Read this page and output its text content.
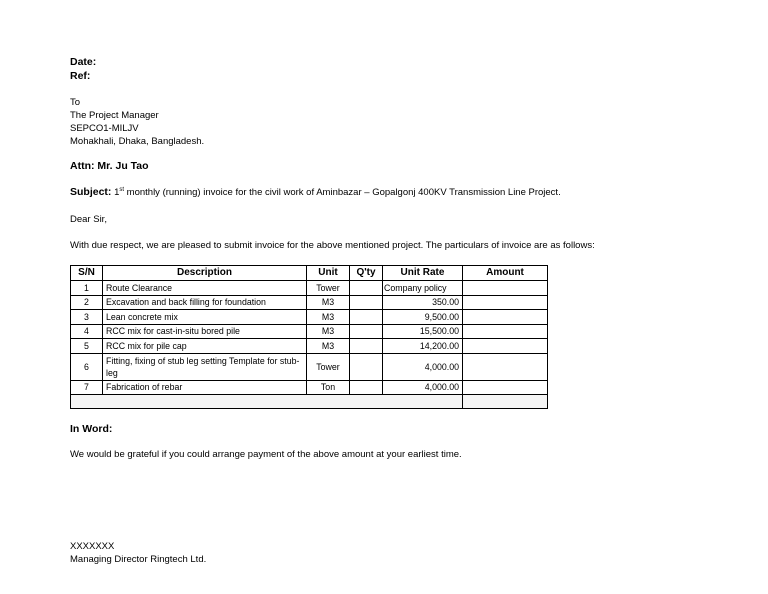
Date:
Ref:
To
The Project Manager
SEPCO1-MILJV
Mohakhali, Dhaka, Bangladesh.
Attn: Mr. Ju Tao
Subject: 1st monthly (running) invoice for the civil work of Aminbazar – Gopalgonj 400KV Transmission Line Project.
Dear Sir,
With due respect, we are pleased to submit invoice for the above mentioned project. The particulars of invoice are as follows:
S/N	Description	Unit	Q'ty	Unit Rate	Amount
1	Route Clearance	Tower		Company policy	
2	Excavation and back filling for foundation	M3		350.00	
3	Lean concrete mix	M3		9,500.00	
4	RCC mix for cast-in-situ bored pile	M3		15,500.00	
5	RCC mix for pile cap	M3		14,200.00	
6	Fitting, fixing of stub leg setting Template for stub-leg	Tower		4,000.00	
7	Fabrication of rebar	Ton		4,000.00	

In Word:
We would be grateful if you could arrange payment of the above amount at your earliest time.
XXXXXXX
Managing Director Ringtech Ltd.
